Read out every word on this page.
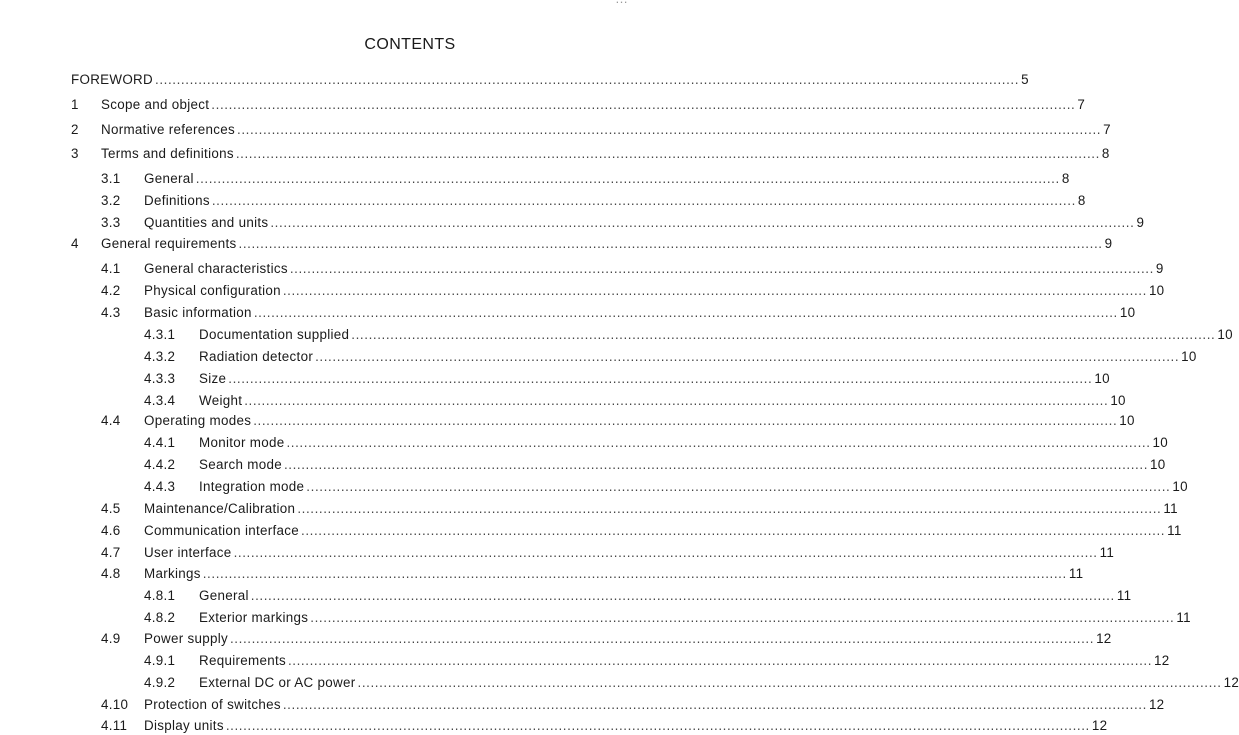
CONTENTS
FOREWORD ........................................................................................................................................................................................................ 5
1	Scope and object ........................................................................................................................................................................................................ 7
2	Normative references ........................................................................................................................................................................................................ 7
3	Terms and definitions ........................................................................................................................................................................................................ 8
3.1	General ........................................................................................................................................................................................................ 8
3.2	Definitions ........................................................................................................................................................................................................ 8
3.3	Quantities and units ........................................................................................................................................................................................................ 9
4	General requirements ........................................................................................................................................................................................................ 9
4.1	General characteristics ........................................................................................................................................................................................................ 9
4.2	Physical configuration ........................................................................................................................................................................................................ 10
4.3	Basic information ........................................................................................................................................................................................................ 10
4.3.1	Documentation supplied ........................................................................................................................................................................................................ 10
4.3.2	Radiation detector ........................................................................................................................................................................................................ 10
4.3.3	Size ........................................................................................................................................................................................................ 10
4.3.4	Weight ........................................................................................................................................................................................................ 10
4.4	Operating modes ........................................................................................................................................................................................................ 10
4.4.1	Monitor mode ........................................................................................................................................................................................................ 10
4.4.2	Search mode ........................................................................................................................................................................................................ 10
4.4.3	Integration mode ........................................................................................................................................................................................................ 10
4.5	Maintenance/Calibration ........................................................................................................................................................................................................ 11
4.6	Communication interface ........................................................................................................................................................................................................ 11
4.7	User interface ........................................................................................................................................................................................................ 11
4.8	Markings ........................................................................................................................................................................................................ 11
4.8.1	General ........................................................................................................................................................................................................ 11
4.8.2	Exterior markings ........................................................................................................................................................................................................ 11
4.9	Power supply ........................................................................................................................................................................................................ 12
4.9.1	Requirements ........................................................................................................................................................................................................ 12
4.9.2	External DC or AC power ........................................................................................................................................................................................................ 12
4.10	Protection of switches ........................................................................................................................................................................................................ 12
4.11	Display units ........................................................................................................................................................................................................ 12
